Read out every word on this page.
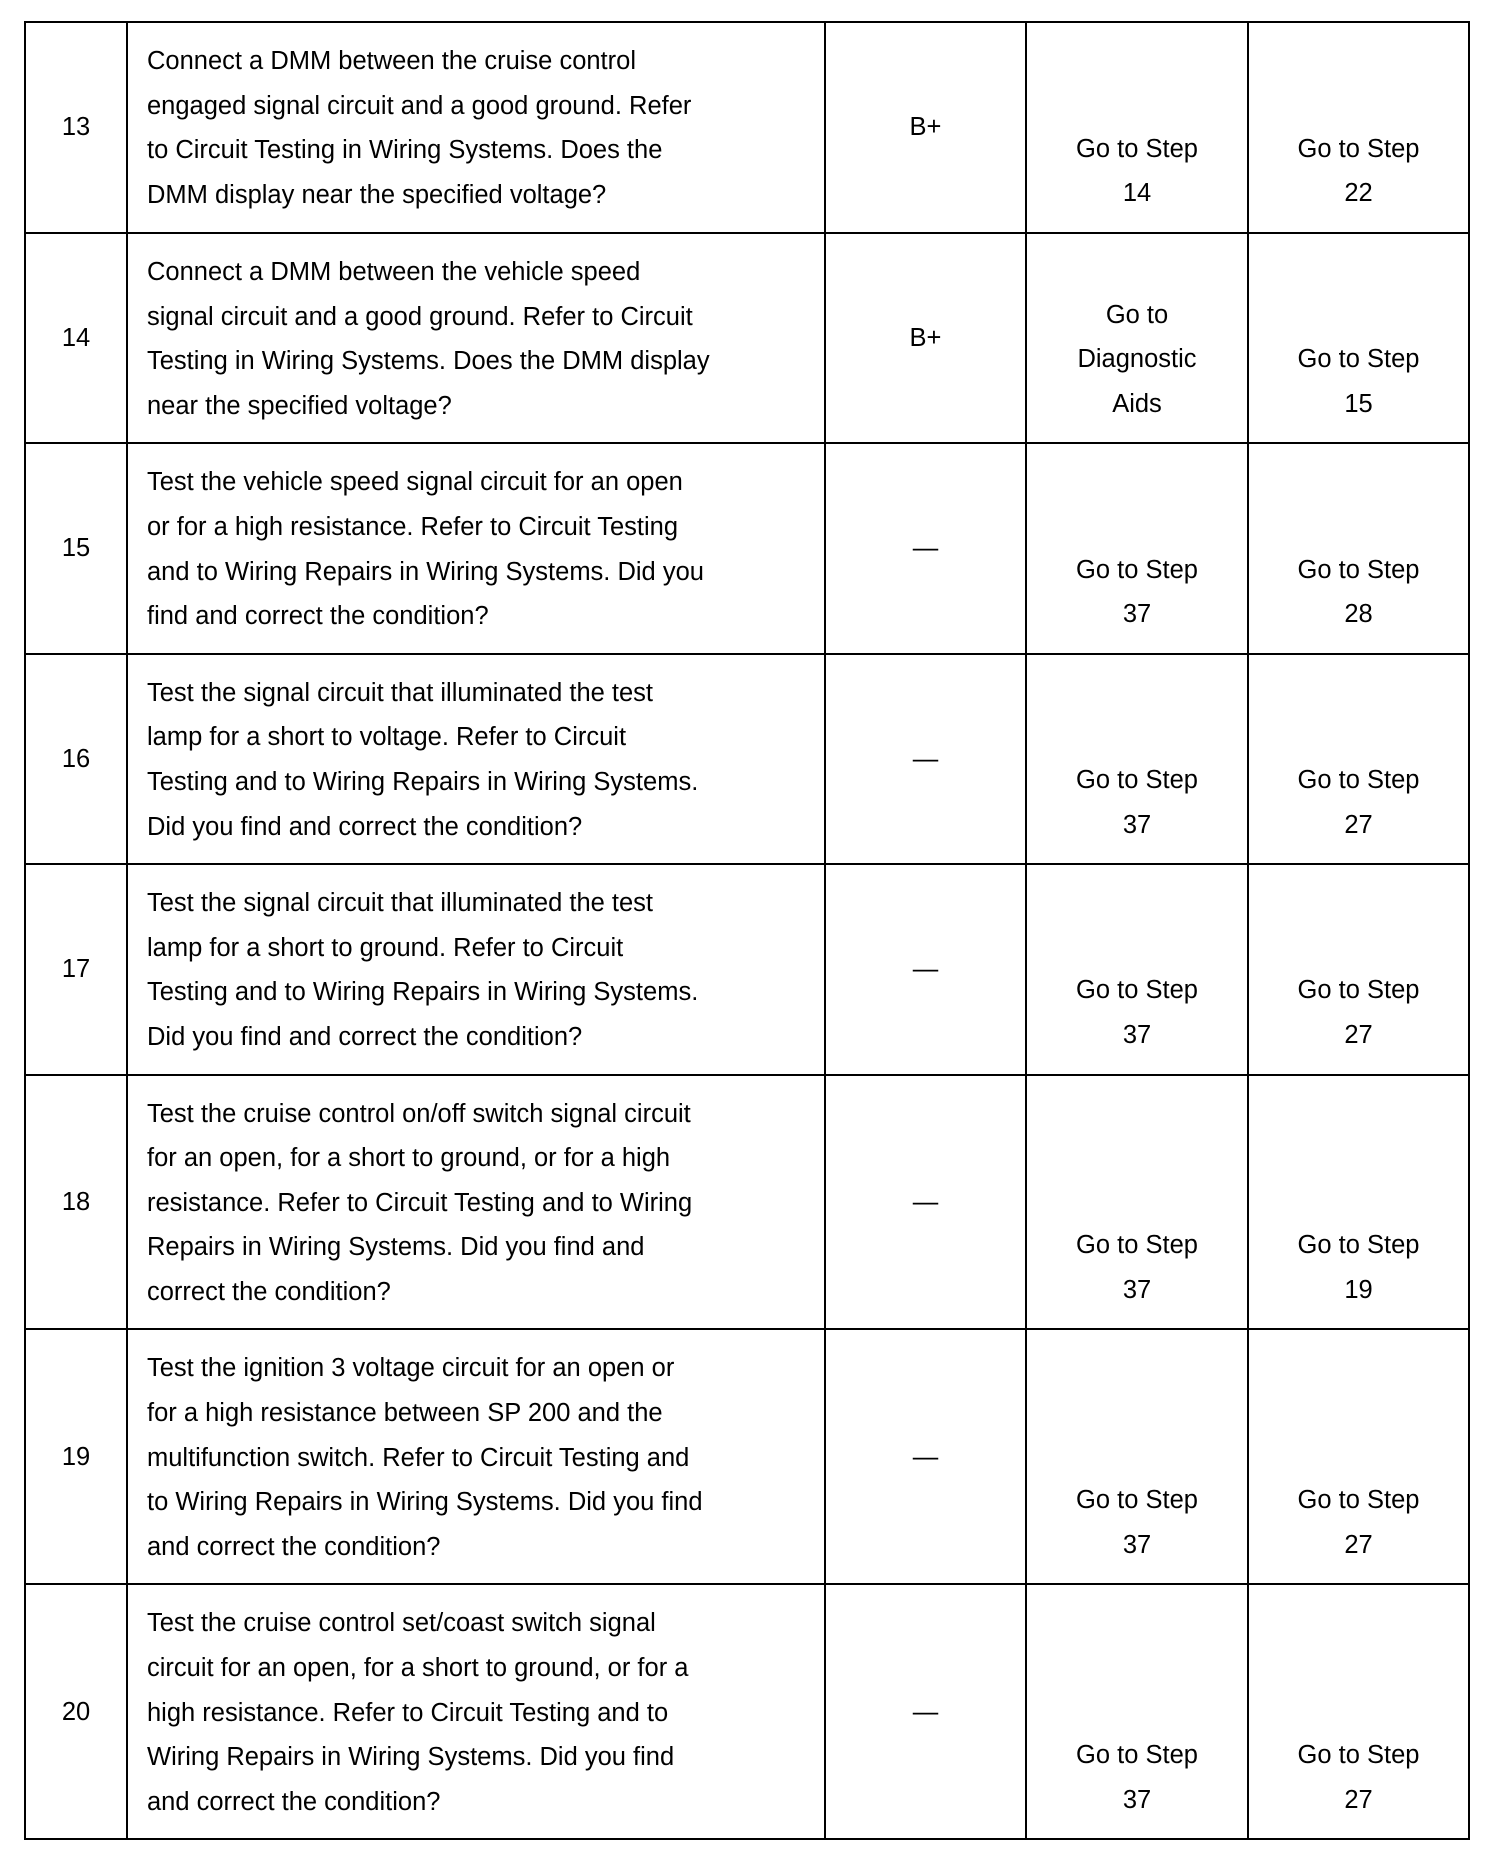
13	Connect a DMM between the cruise control
engaged signal circuit and a good ground. Refer
to Circuit Testing in Wiring Systems. Does the
DMM display near the specified voltage?	B+	Go to Step
14	Go to Step
22

14	Connect a DMM between the vehicle speed
signal circuit and a good ground. Refer to Circuit
Testing in Wiring Systems. Does the DMM display
near the specified voltage?	B+	Go to
Diagnostic
Aids	Go to Step
15

15	Test the vehicle speed signal circuit for an open
or for a high resistance. Refer to Circuit Testing
and to Wiring Repairs in Wiring Systems. Did you
find and correct the condition?	—	Go to Step
37	Go to Step
28

16	Test the signal circuit that illuminated the test
lamp for a short to voltage. Refer to Circuit
Testing and to Wiring Repairs in Wiring Systems.
Did you find and correct the condition?	—	Go to Step
37	Go to Step
27

17	Test the signal circuit that illuminated the test
lamp for a short to ground. Refer to Circuit
Testing and to Wiring Repairs in Wiring Systems.
Did you find and correct the condition?	—	Go to Step
37	Go to Step
27

18	Test the cruise control on/off switch signal circuit
for an open, for a short to ground, or for a high
resistance. Refer to Circuit Testing and to Wiring
Repairs in Wiring Systems. Did you find and
correct the condition?	—	Go to Step
37	Go to Step
19

19	Test the ignition 3 voltage circuit for an open or
for a high resistance between SP 200 and the
multifunction switch. Refer to Circuit Testing and
to Wiring Repairs in Wiring Systems. Did you find
and correct the condition?	—	Go to Step
37	Go to Step
27

20	Test the cruise control set/coast switch signal
circuit for an open, for a short to ground, or for a
high resistance. Refer to Circuit Testing and to
Wiring Repairs in Wiring Systems. Did you find
and correct the condition?	—	Go to Step
37	Go to Step
27
